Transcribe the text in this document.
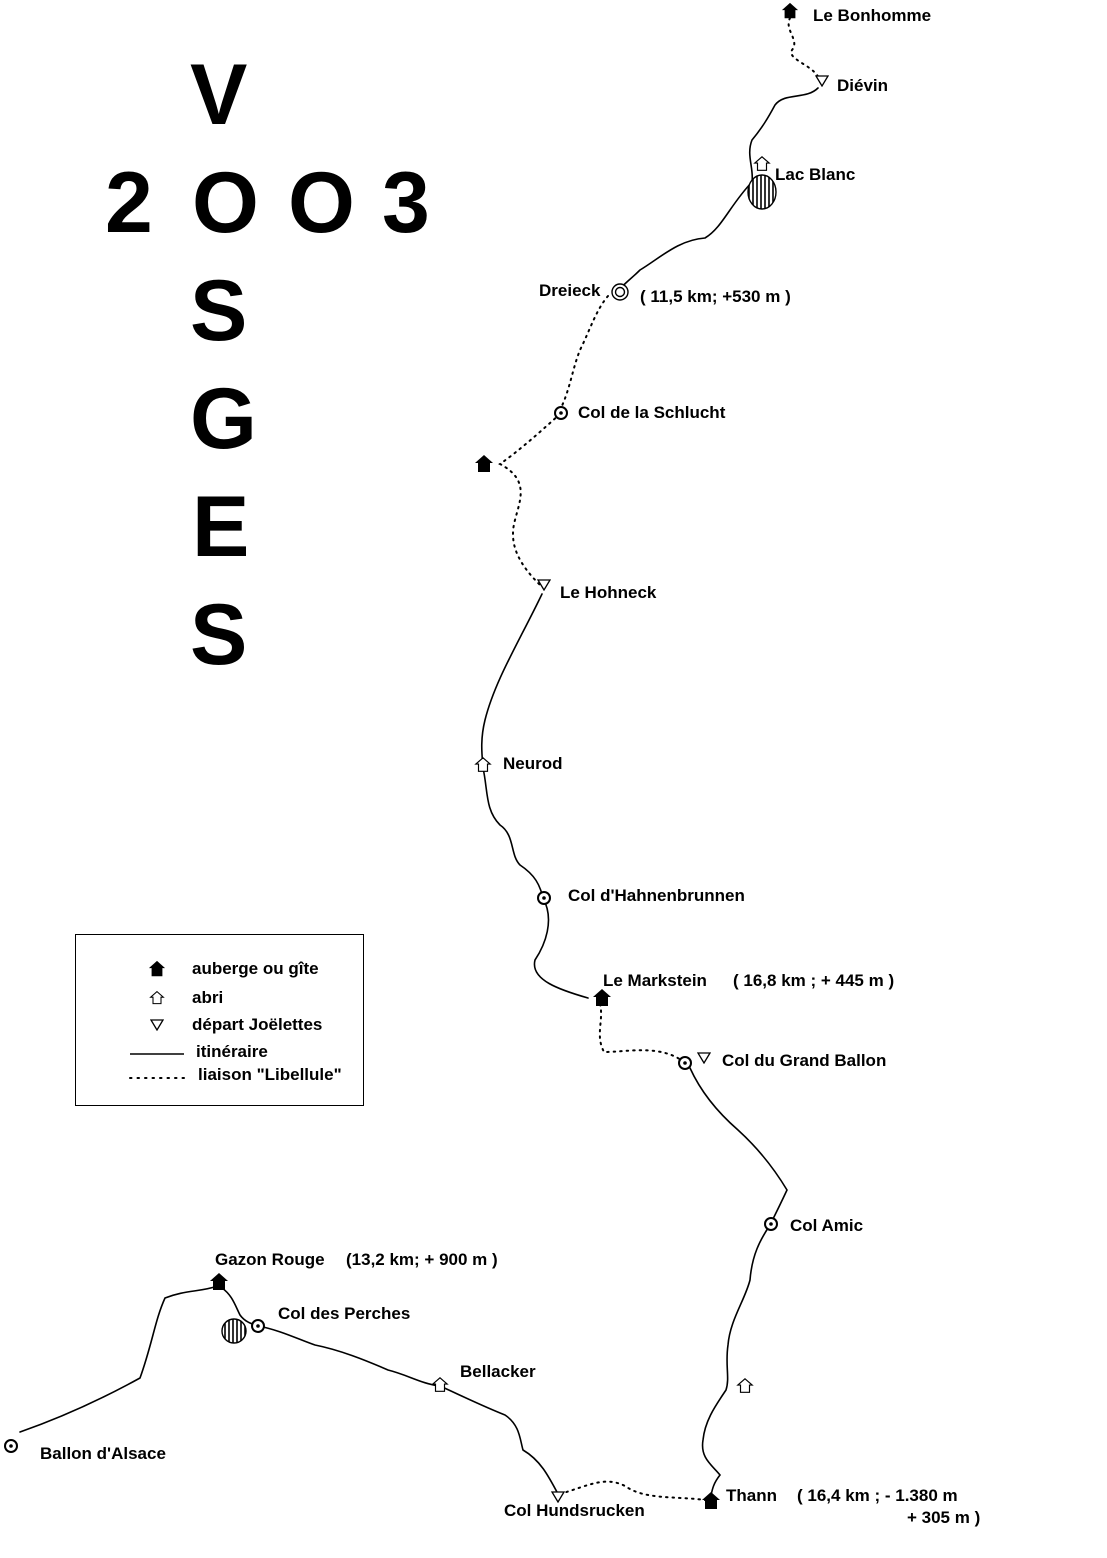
V
2 O O 3
S
G
E
S
Le Bonhomme
Diévin
Lac Blanc
Dreieck ( 11,5 km; +530 m )
Col de la Schlucht
Le Hohneck
Neurod
Col d'Hahnenbrunnen
Le Markstein ( 16,8 km ; + 445 m )
Col du Grand Ballon
Col Amic
Thann ( 16,4 km ; - 1.380 m
+ 305 m )
Col Hundsrucken
Bellacker
Col des Perches
Gazon Rouge (13,2 km; + 900 m )
Ballon d'Alsace
auberge ou gîte
abri
départ Joëlettes
itinéraire
liaison "Libellule"
